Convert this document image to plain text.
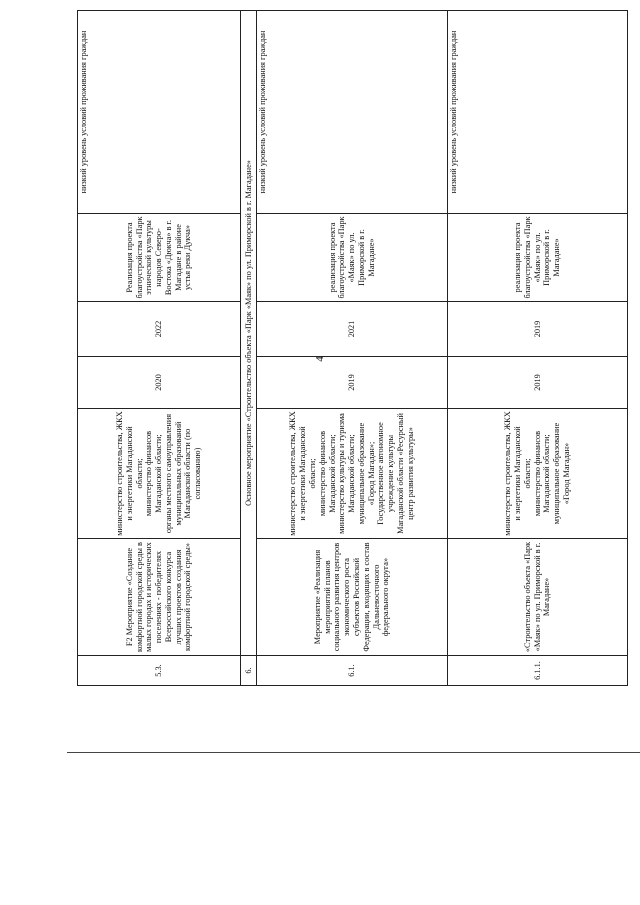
4
5.3.	F2 Мероприятие «Создание комфортной городской среды в малых городах и исторических поселениях - победителях Всероссийского конкурса лучших проектов создания комфортной городской среды»	министерство строительства, ЖКХ и энергетики Магаданской области;
министерство финансов Магаданской области;
органы местного самоуправления муниципальных образований Магаданской области (по согласованию)	2020	2022	Реализация проекта благоустройства «Парк этнической культуры народов Северо-Востока «Дюкча» в г. Магадане в районе устья реки Дукча»	низкий уровень условий проживания граждан
6.	Основное мероприятие «Строительство объекта «Парк «Маяк» по ул. Приморской в г. Магадане»					
6.1.	Мероприятие «Реализация мероприятий планов социального развития центров экономического роста субъектов Российской Федерации, входящих в состав Дальневосточного федерального округа»	министерство строительства, ЖКХ и энергетики Магаданской области;
министерство финансов Магаданской области;
министерство культуры и туризма Магаданской области;
муниципальное образование «Город Магадан»;
Государственное автономное учреждение культуры Магаданской области «Ресурсный центр развития культуры»	2019	2021	реализация проекта благоустройства «Парк «Маяк» по ул. Приморской в г. Магадане»	низкий уровень условий проживания граждан
6.1.1.	«Строительство объекта «Парк «Маяк» по ул. Приморской в г. Магадане»	министерство строительства, ЖКХ и энергетики Магаданской области;
министерство финансов Магаданской области;
муниципальное образование «Город Магадан»	2019	2019	реализация проекта благоустройства «Парк «Маяк» по ул. Приморской в г. Магадане»	низкий уровень условий проживания граждан
